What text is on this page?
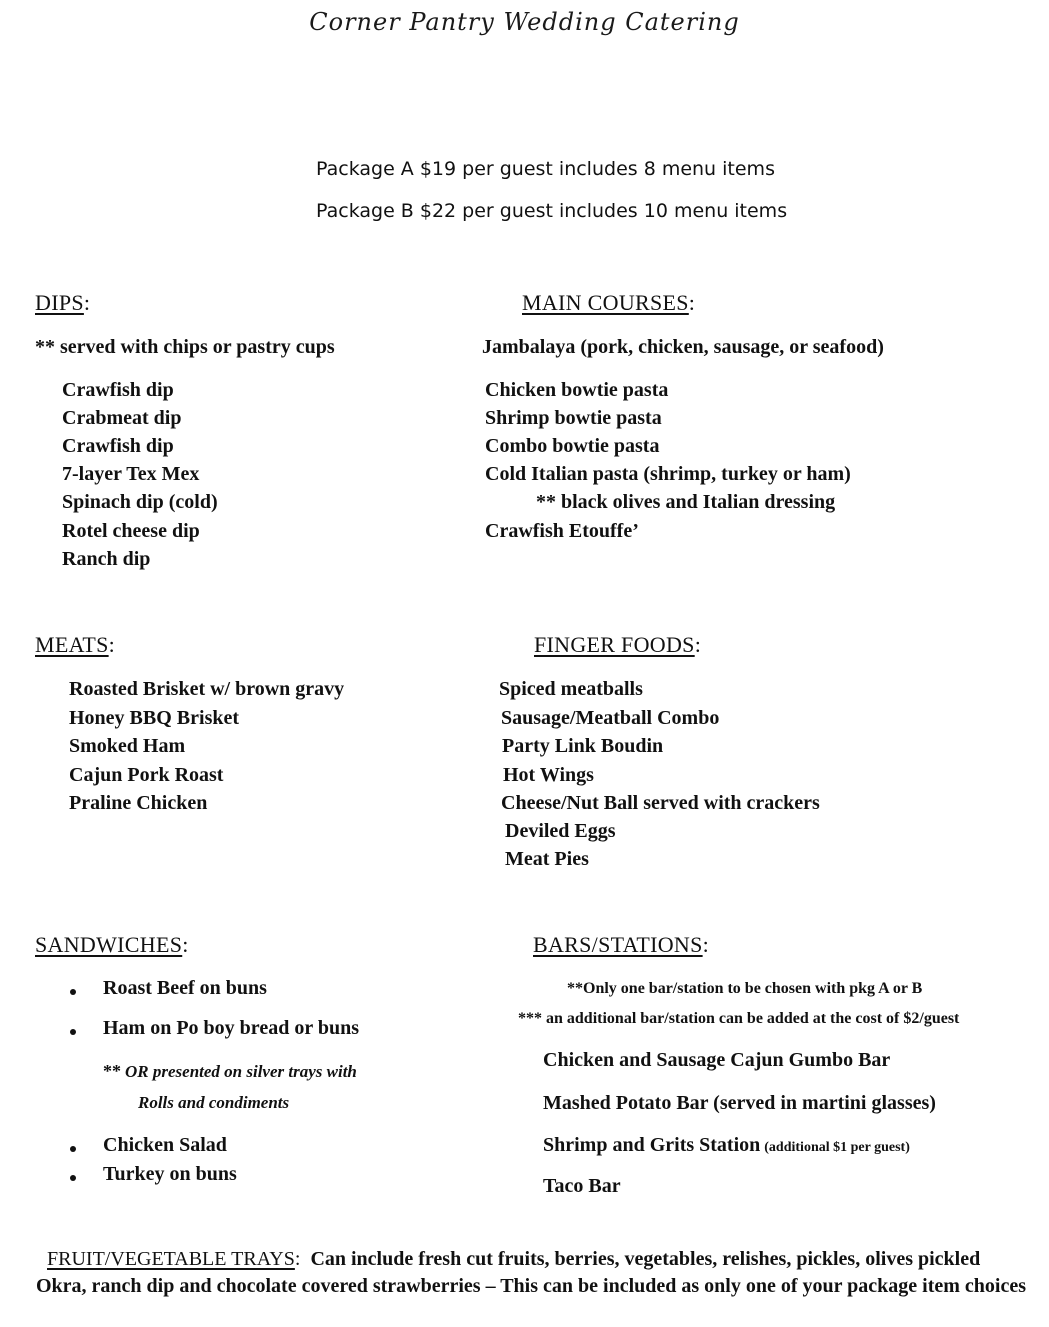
Corner Pantry Wedding Catering
Package A $19 per guest includes 8 menu items
Package B $22 per guest includes 10 menu items
DIPS:
** served with chips or pastry cups
Crawfish dip
Crabmeat dip
Crawfish dip
7-layer Tex Mex
Spinach dip (cold)
Rotel cheese dip
Ranch dip
MAIN COURSES:
Jambalaya (pork, chicken, sausage, or seafood)
Chicken bowtie pasta
Shrimp bowtie pasta
Combo bowtie pasta
Cold Italian pasta (shrimp, turkey or ham)
** black olives and Italian dressing
Crawfish Etouffe’
MEATS:
Roasted Brisket w/ brown gravy
Honey BBQ Brisket
Smoked Ham
Cajun Pork Roast
Praline Chicken
FINGER FOODS:
Spiced meatballs
Sausage/Meatball Combo
Party Link Boudin
Hot Wings
Cheese/Nut Ball served with crackers
Deviled Eggs
Meat Pies
SANDWICHES:
Roast Beef on buns
Ham on Po boy bread or buns
** OR presented on silver trays with
Rolls and condiments
Chicken Salad
Turkey on buns
BARS/STATIONS:
**Only one bar/station to be chosen with pkg A or B
*** an additional bar/station can be added at the cost of $2/guest
Chicken and Sausage Cajun Gumbo Bar
Mashed Potato Bar (served in martini glasses)
Shrimp and Grits Station (additional $1 per guest)
Taco Bar
FRUIT/VEGETABLE TRAYS: Can include fresh cut fruits, berries, vegetables, relishes, pickles, olives pickled
Okra, ranch dip and chocolate covered strawberries – This can be included as only one of your package item choices
